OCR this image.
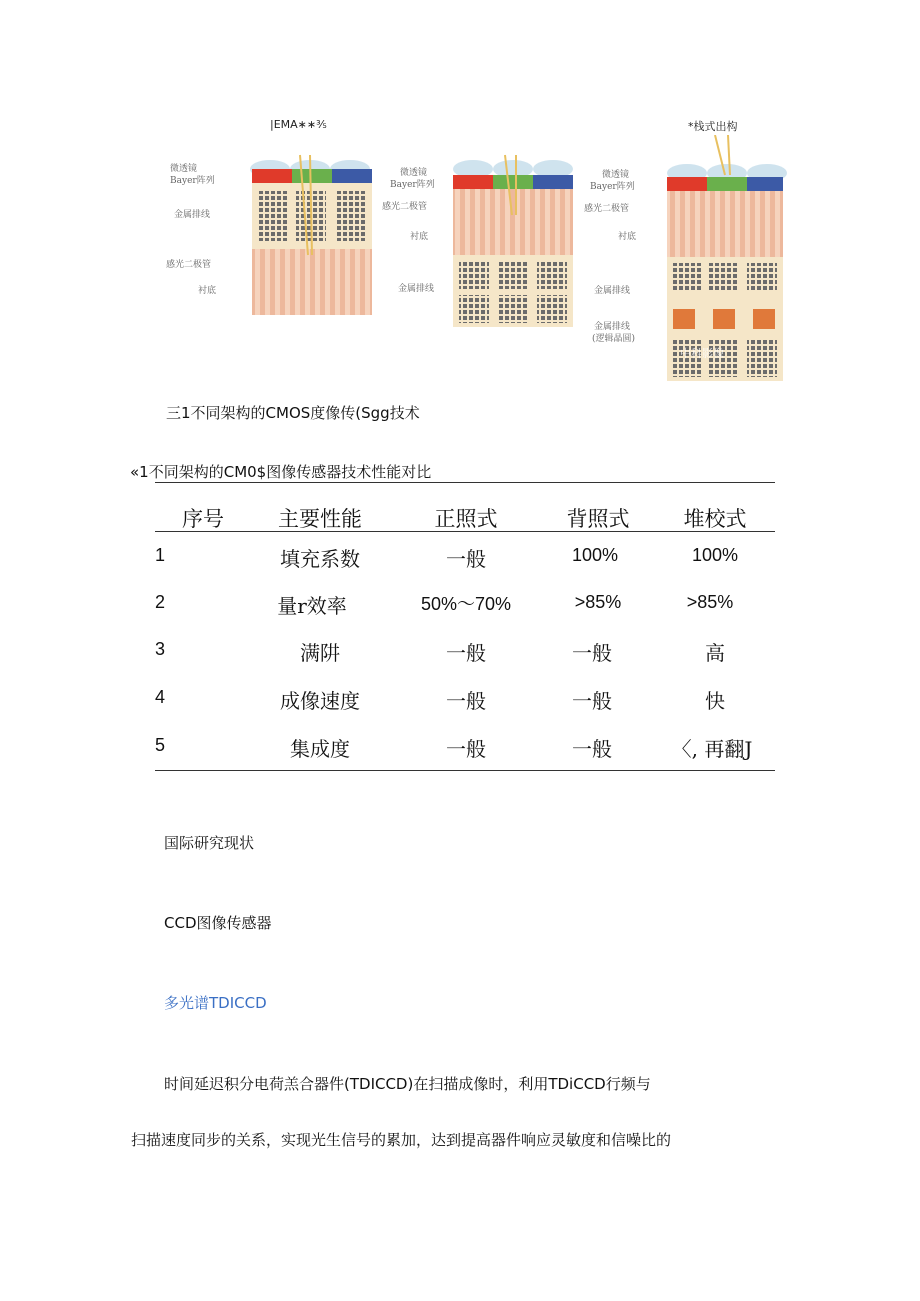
|EMA∗∗⅗	*栈式出构
微透镜
Bayer阵列
金属排线
感光二极管
衬底
微透镜
Bayer阵列
感光二极管
衬底
金属排线
微透镜
Bayer阵列
感光二极管
衬底
金属排线
金属排线
(逻辑晶圆)
中科影像
三1不同架构的CMOS度像传(Sgg技术
«1不同架构的CM0$图像传感器技术性能对比
序号	主要性能	正照式	背照式	堆校式
1	填充系数	一般	100%	100%
2	量r效率	50%～70%	>85%	>85%
3	满阱	一般	一般	高
4	成像速度	一般	一般	快
5	集成度	一般	一般	〈, 再翻J
国际研究现状
CCD图像传感器
多光谱TDICCD
时间延迟积分电荷羔合器件(TDICCD)在扫描成像时，利用TDiCCD行频与
扫描速度同步的关系，实现光生信号的累加，达到提高器件响应灵敏度和信噪比的
